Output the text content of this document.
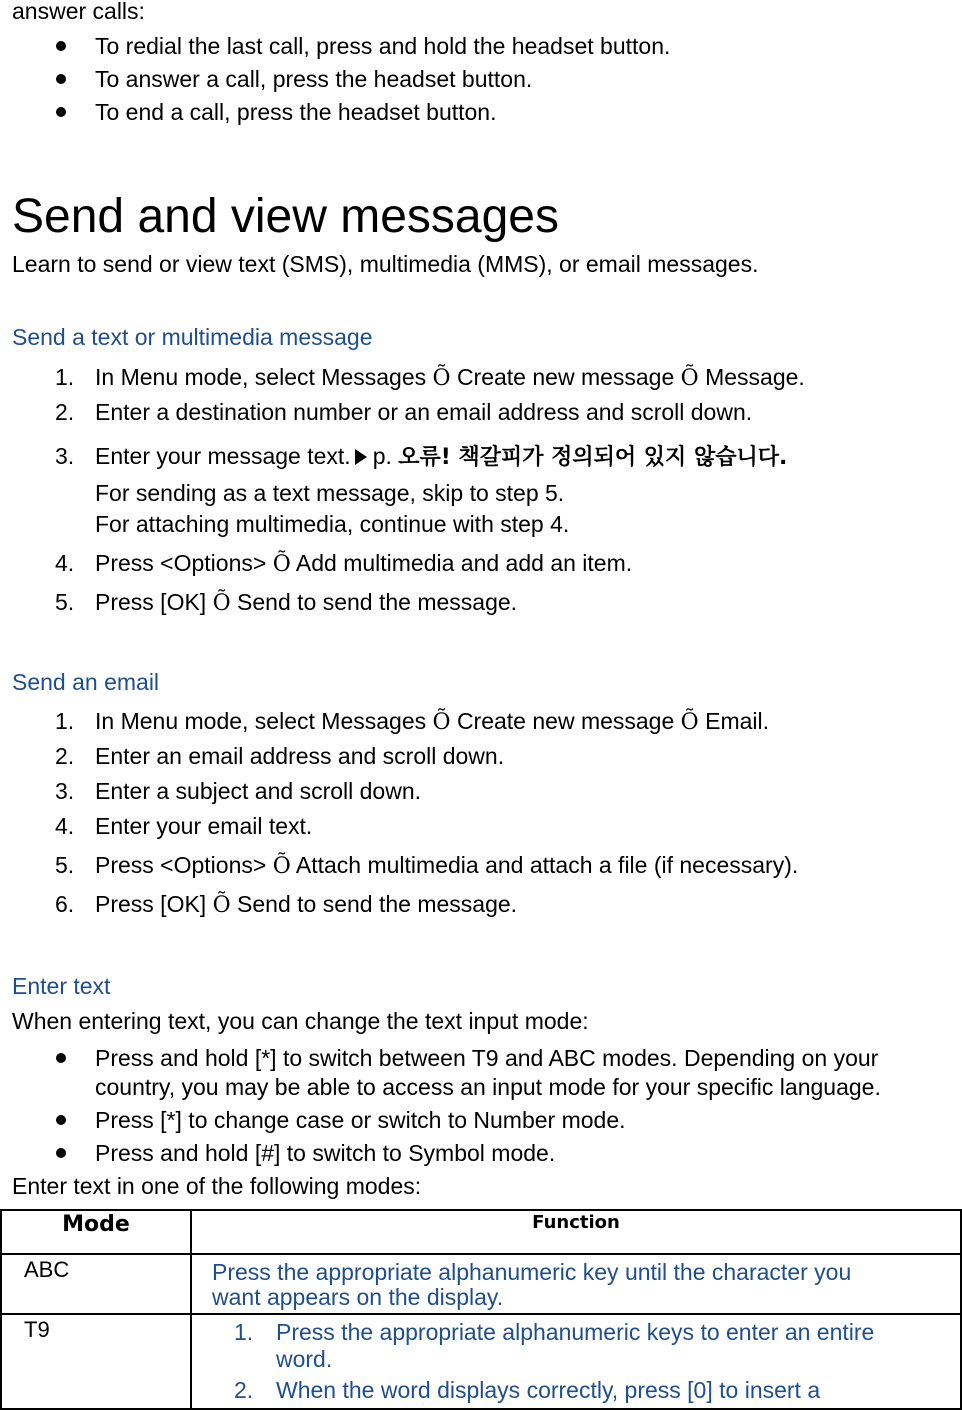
answer calls:
To redial the last call, press and hold the headset button.
To answer a call, press the headset button.
To end a call, press the headset button.
Send and view messages
Learn to send or view text (SMS), multimedia (MMS), or email messages.
Send a text or multimedia message
1. In Menu mode, select Messages Õ Create new message Õ Message.
2. Enter a destination number or an email address and scroll down.
3. Enter your message text. p. 오류! 책갈피가 정의되어 있지 않습니다.
For sending as a text message, skip to step 5.
For attaching multimedia, continue with step 4.
4. Press <Options> Õ Add multimedia and add an item.
5. Press [OK] Õ Send to send the message.
Send an email
1. In Menu mode, select Messages Õ Create new message Õ Email.
2. Enter an email address and scroll down.
3. Enter a subject and scroll down.
4. Enter your email text.
5. Press <Options> Õ Attach multimedia and attach a file (if necessary).
6. Press [OK] Õ Send to send the message.
Enter text
When entering text, you can change the text input mode:
Press and hold [*] to switch between T9 and ABC modes. Depending on your
country, you may be able to access an input mode for your specific language.
Press [*] to change case or switch to Number mode.
Press and hold [#] to switch to Symbol mode.
Enter text in one of the following modes:
Mode	Function
ABC	Press the appropriate alphanumeric key until the character you
want appears on the display.

T9	1. Press the appropriate alphanumeric keys to enter an entire
word.
2. When the word displays correctly, press [0] to insert a
